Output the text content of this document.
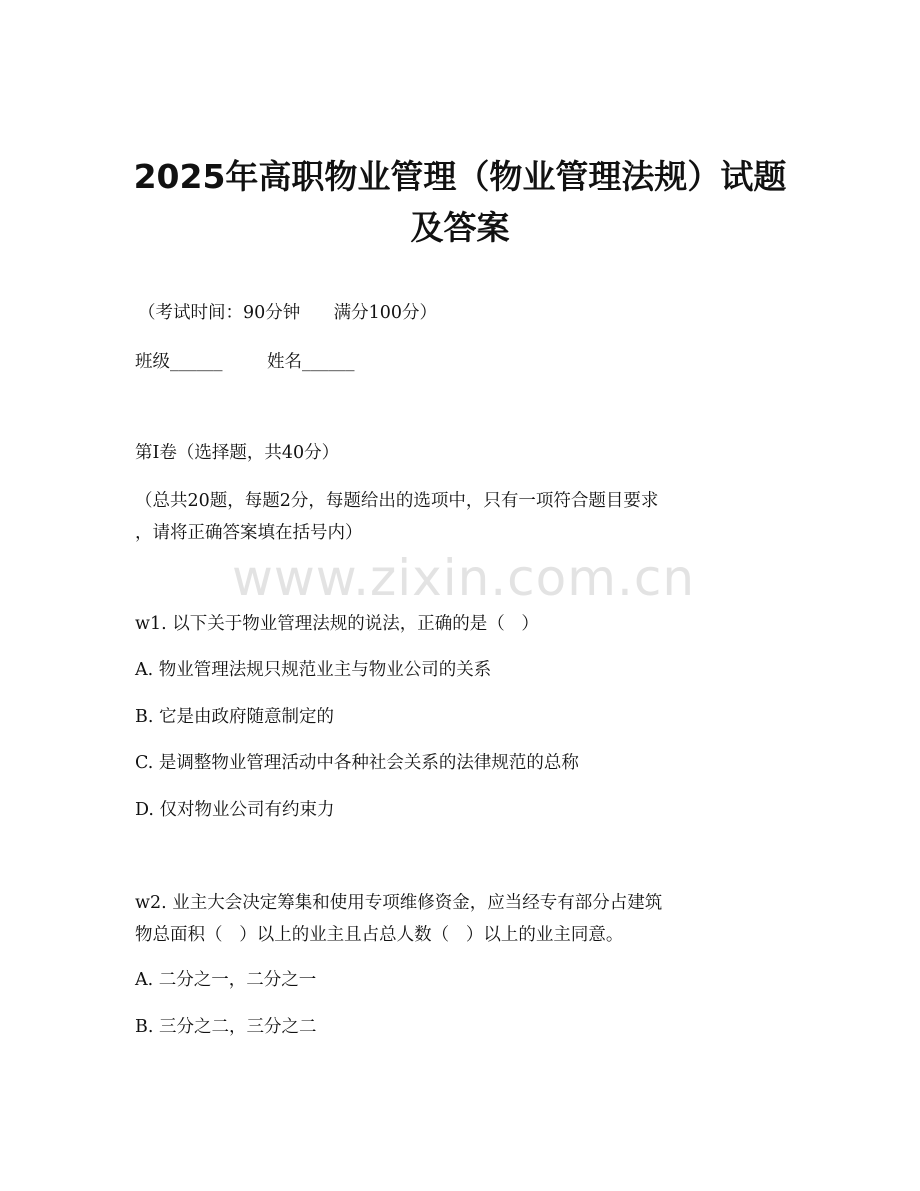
2025年高职物业管理（物业管理法规）试题
及答案
（考试时间：90分钟      满分100分）
班级______        姓名______
第I卷（选择题，共40分）
（总共20题，每题2分，每题给出的选项中，只有一项符合题目要求
，请将正确答案填在括号内）
www.zixin.com.cn
w1. 以下关于物业管理法规的说法，正确的是（   ）
A. 物业管理法规只规范业主与物业公司的关系
B. 它是由政府随意制定的
C. 是调整物业管理活动中各种社会关系的法律规范的总称
D. 仅对物业公司有约束力
w2. 业主大会决定筹集和使用专项维修资金，应当经专有部分占建筑
物总面积（   ）以上的业主且占总人数（   ）以上的业主同意。
A. 二分之一，二分之一
B. 三分之二，三分之二
